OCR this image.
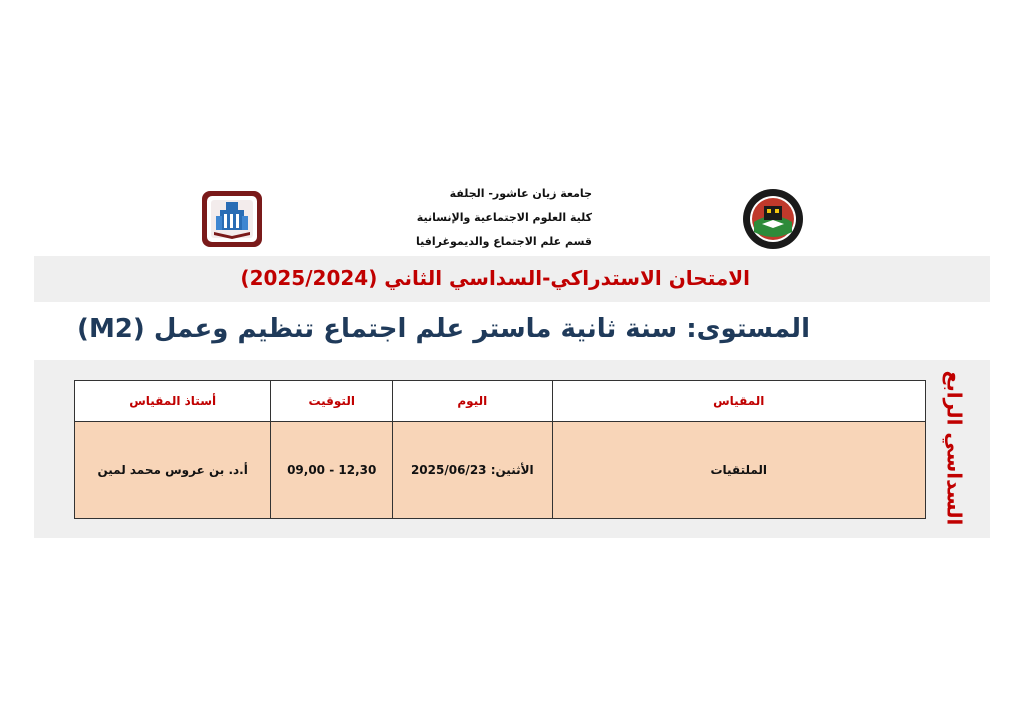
جامعة زيان عاشور- الجلفة
كلية العلوم الاجتماعية والإنسانية
قسم علم الاجتماع والديموغرافيا
الامتحان الاستدراكي-السداسي الثاني (2025/2024)
المستوى: سنة ثانية ماستر علم اجتماع تنظيم وعمل (M2)
السداسي الرابع
المقياس	اليوم	التوقيت	أستاذ المقياس
الملتقيات	الأثنين: 2025/06/23	12,30 - 09,00	أ.د. بن عروس محمد لمين
